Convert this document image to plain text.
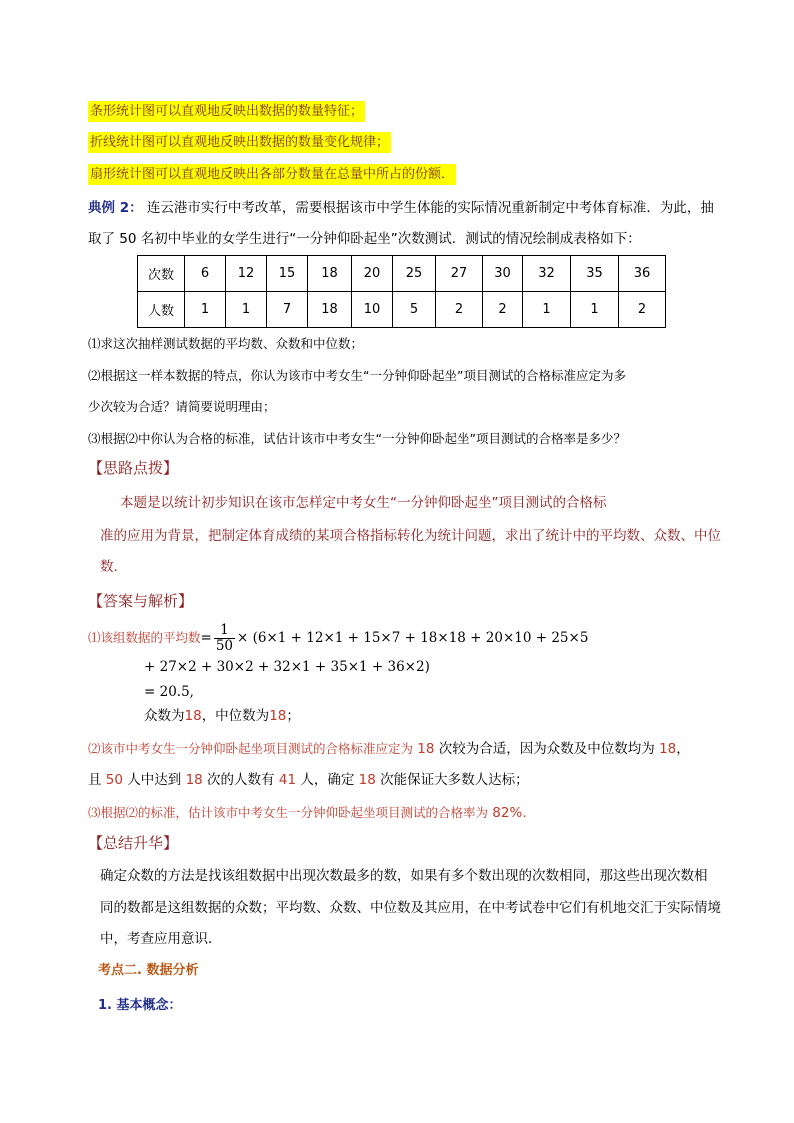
条形统计图可以直观地反映出数据的数量特征；
折线统计图可以直观地反映出数据的数量变化规律；
扇形统计图可以直观地反映出各部分数量在总量中所占的份额．
典例 2： 连云港市实行中考改革，需要根据该市中学生体能的实际情况重新制定中考体育标准．为此，抽
取了 50 名初中毕业的女学生进行“一分钟仰卧起坐”次数测试．测试的情况绘制成表格如下：
次数	6	12	15	18	20	25	27	30	32	35	36
人数	1	1	7	18	10	5	2	2	1	1	2
⑴求这次抽样测试数据的平均数、众数和中位数；
⑵根据这一样本数据的特点，你认为该市中考女生“一分钟仰卧起坐”项目测试的合格标准应定为多
少次较为合适？请简要说明理由；
⑶根据⑵中你认为合格的标准，试估计该市中考女生“一分钟仰卧起坐”项目测试的合格率是多少？
【思路点拨】
本题是以统计初步知识在该市怎样定中考女生“一分钟仰卧起坐”项目测试的合格标
准的应用为背景，把制定体育成绩的某项合格指标转化为统计问题，求出了统计中的平均数、众数、中位
数.
【答案与解析】
⑴该组数据的平均数= $\frac{1}{50} \times (6\times 1 + 12\times 1 + 15\times 7 + 18\times 18 + 20\times 10 + 25\times 5$
+ 27×2 + 30×2 + 32×1 + 35×1 + 36×2)
= 20.5,
众数为18，中位数为18；
⑵该市中考女生一分钟仰卧起坐项目测试的合格标准应定为 18 次较为合适，因为众数及中位数均为 18，
且 50 人中达到 18 次的人数有 41 人，确定 18 次能保证大多数人达标；
⑶根据⑵的标准，估计该市中考女生一分钟仰卧起坐项目测试的合格率为 82%.
【总结升华】
确定众数的方法是找该组数据中出现次数最多的数，如果有多个数出现的次数相同，那这些出现次数相
同的数都是这组数据的众数；平均数、众数、中位数及其应用，在中考试卷中它们有机地交汇于实际情境
中，考查应用意识．
考点二. 数据分析
1. 基本概念：
